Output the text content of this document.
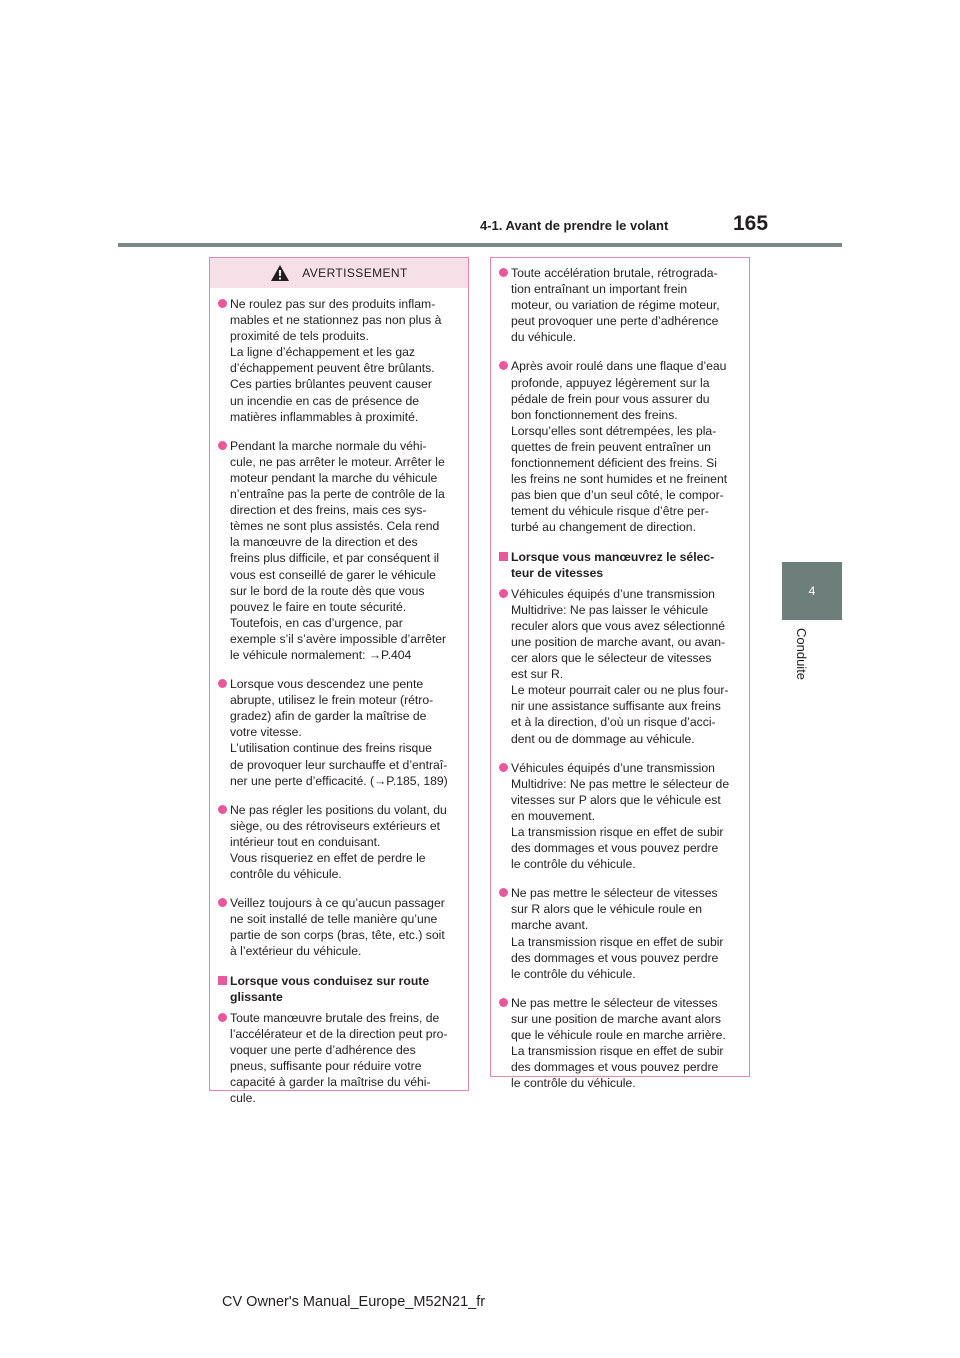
4-1. Avant de prendre le volant	165
4
Conduite
AVERTISSEMENT
Ne roulez pas sur des produits inflam-
mables et ne stationnez pas non plus à
proximité de tels produits.
La ligne d’échappement et les gaz
d’échappement peuvent être brûlants.
Ces parties brûlantes peuvent causer
un incendie en cas de présence de
matières inflammables à proximité.
Pendant la marche normale du véhi-
cule, ne pas arrêter le moteur. Arrêter le
moteur pendant la marche du véhicule
n’entraîne pas la perte de contrôle de la
direction et des freins, mais ces sys-
tèmes ne sont plus assistés. Cela rend
la manœuvre de la direction et des
freins plus difficile, et par conséquent il
vous est conseillé de garer le véhicule
sur le bord de la route dès que vous
pouvez le faire en toute sécurité.
Toutefois, en cas d’urgence, par
exemple s’il s’avère impossible d’arrêter
le véhicule normalement: →P.404
Lorsque vous descendez une pente
abrupte, utilisez le frein moteur (rétro-
gradez) afin de garder la maîtrise de
votre vitesse.
L’utilisation continue des freins risque
de provoquer leur surchauffe et d’entraî-
ner une perte d’efficacité. (→P.185, 189)
Ne pas régler les positions du volant, du
siège, ou des rétroviseurs extérieurs et
intérieur tout en conduisant.
Vous risqueriez en effet de perdre le
contrôle du véhicule.
Veillez toujours à ce qu’aucun passager
ne soit installé de telle manière qu’une
partie de son corps (bras, tête, etc.) soit
à l’extérieur du véhicule.
Lorsque vous conduisez sur route
glissante
Toute manœuvre brutale des freins, de
l’accélérateur et de la direction peut pro-
voquer une perte d’adhérence des
pneus, suffisante pour réduire votre
capacité à garder la maîtrise du véhi-
cule.
Toute accélération brutale, rétrograda-
tion entraînant un important frein
moteur, ou variation de régime moteur,
peut provoquer une perte d’adhérence
du véhicule.
Après avoir roulé dans une flaque d’eau
profonde, appuyez légèrement sur la
pédale de frein pour vous assurer du
bon fonctionnement des freins.
Lorsqu’elles sont détrempées, les pla-
quettes de frein peuvent entraîner un
fonctionnement déficient des freins. Si
les freins ne sont humides et ne freinent
pas bien que d’un seul côté, le compor-
tement du véhicule risque d’être per-
turbé au changement de direction.
Lorsque vous manœuvrez le sélec-
teur de vitesses
Véhicules équipés d’une transmission
Multidrive: Ne pas laisser le véhicule
reculer alors que vous avez sélectionné
une position de marche avant, ou avan-
cer alors que le sélecteur de vitesses
est sur R.
Le moteur pourrait caler ou ne plus four-
nir une assistance suffisante aux freins
et à la direction, d’où un risque d’acci-
dent ou de dommage au véhicule.
Véhicules équipés d’une transmission
Multidrive: Ne pas mettre le sélecteur de
vitesses sur P alors que le véhicule est
en mouvement.
La transmission risque en effet de subir
des dommages et vous pouvez perdre
le contrôle du véhicule.
Ne pas mettre le sélecteur de vitesses
sur R alors que le véhicule roule en
marche avant.
La transmission risque en effet de subir
des dommages et vous pouvez perdre
le contrôle du véhicule.
Ne pas mettre le sélecteur de vitesses
sur une position de marche avant alors
que le véhicule roule en marche arrière.
La transmission risque en effet de subir
des dommages et vous pouvez perdre
le contrôle du véhicule.
CV Owner's Manual_Europe_M52N21_fr
